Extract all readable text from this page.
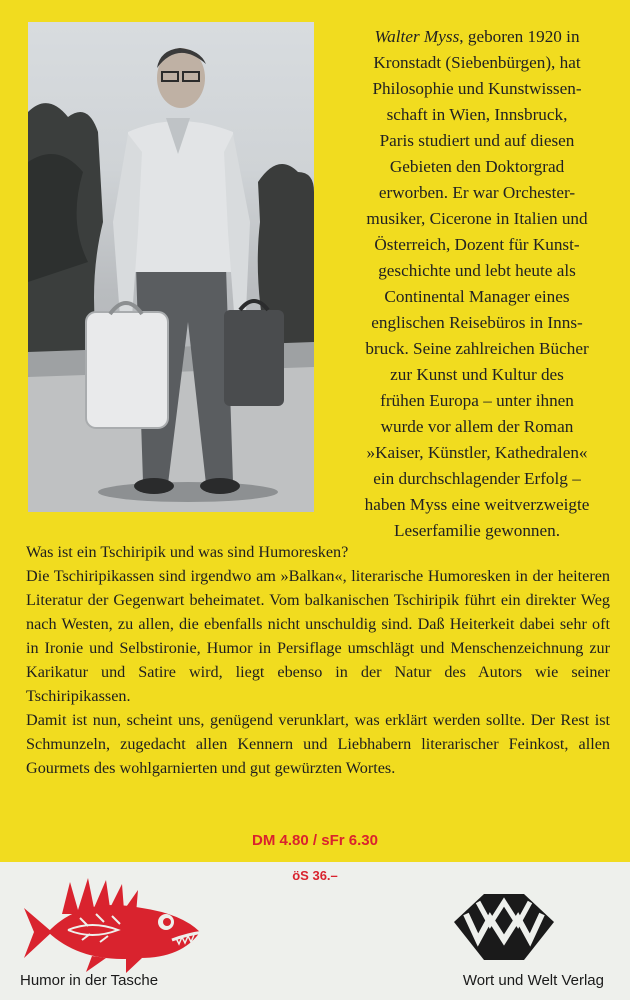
Walter Myss, geboren 1920 in
Kronstadt (Siebenbürgen), hat
Philosophie und Kunstwissen-
schaft in Wien, Innsbruck,
Paris studiert und auf diesen
Gebieten den Doktorgrad
erworben. Er war Orchester-
musiker, Cicerone in Italien und
Österreich, Dozent für Kunst-
geschichte und lebt heute als
Continental Manager eines
englischen Reisebüros in Inns-
bruck. Seine zahlreichen Bücher
zur Kunst und Kultur des
frühen Europa – unter ihnen
wurde vor allem der Roman
»Kaiser, Künstler, Kathedralen«
ein durchschlagender Erfolg –
haben Myss eine weitverzweigte
Leserfamilie gewonnen.

Was ist ein Tschiripik und was sind Humoresken?

Die Tschiripikassen sind irgendwo am »Balkan«, literarische Humoresken in der heiteren Literatur der Gegenwart beheimatet. Vom balkanischen Tschiripik führt ein direkter Weg nach Westen, zu allen, die ebenfalls nicht unschuldig sind. Daß Heiterkeit dabei sehr oft in Ironie und Selbstironie, Humor in Persiflage umschlägt und Menschenzeichnung zur Karikatur und Satire wird, liegt ebenso in der Natur des Autors wie seiner Tschiripikassen.

Damit ist nun, scheint uns, genügend verunklart, was erklärt werden sollte. Der Rest ist Schmunzeln, zugedacht allen Kennern und Liebhabern literarischer Feinkost, allen Gourmets des wohlgarnierten und gut gewürzten Wortes.

DM 4.80 / sFr 6.30
öS 36.–
Humor in der Tasche	Wort und Welt Verlag
